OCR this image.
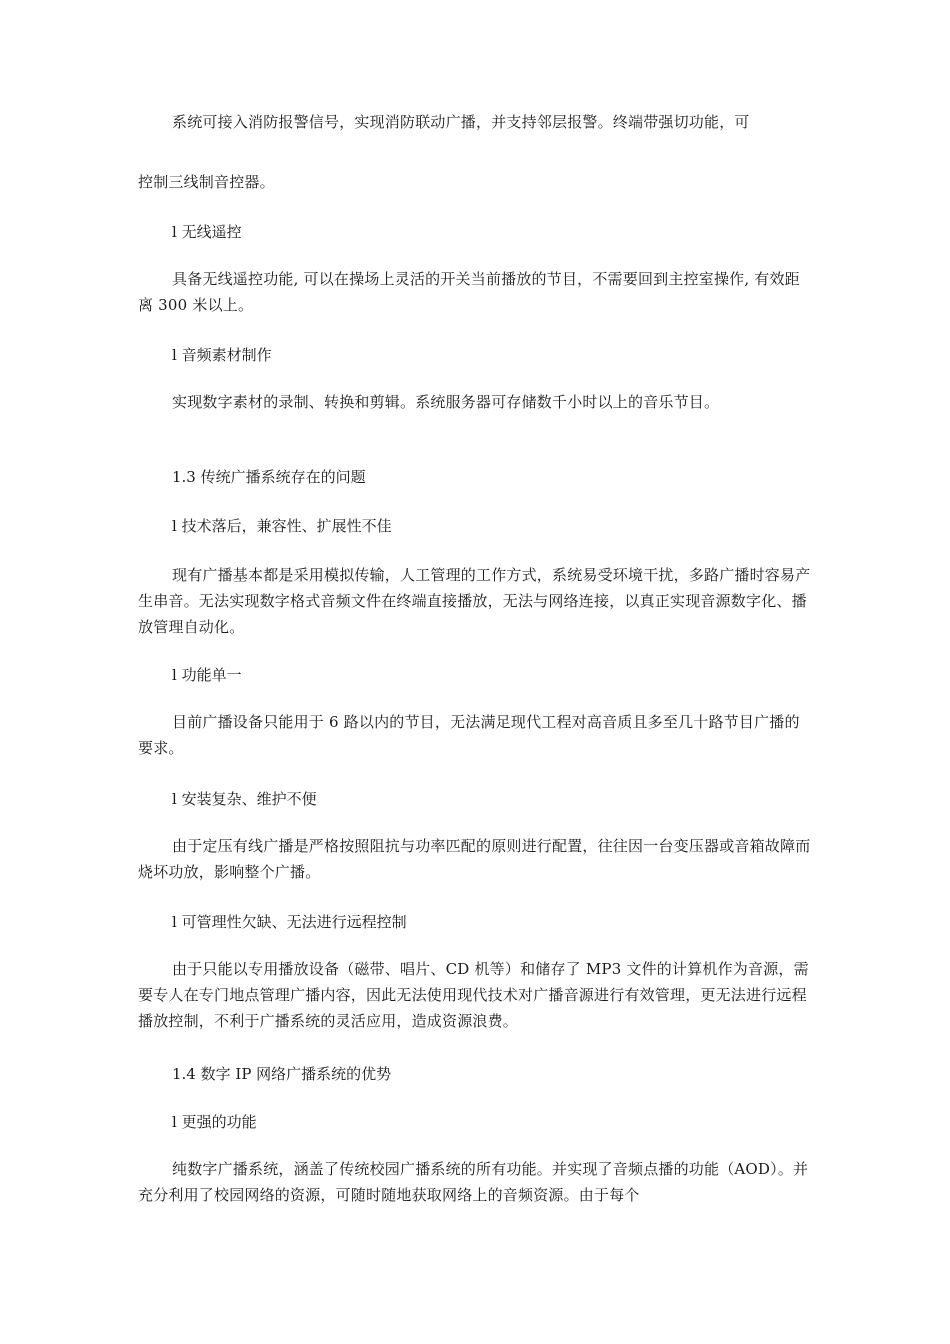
系统可接入消防报警信号，实现消防联动广播，并支持邻层报警。终端带强切功能，可

控制三线制音控器。

l 无线遥控

具备无线遥控功能, 可以在操场上灵活的开关当前播放的节目，不需要回到主控室操作, 有效距离 300 米以上。

l 音频素材制作

实现数字素材的录制、转换和剪辑。系统服务器可存储数千小时以上的音乐节目。

1.3 传统广播系统存在的问题

l 技术落后，兼容性、扩展性不佳

现有广播基本都是采用模拟传输，人工管理的工作方式，系统易受环境干扰，多路广播时容易产生串音。无法实现数字格式音频文件在终端直接播放，无法与网络连接，以真正实现音源数字化、播放管理自动化。

l 功能单一

目前广播设备只能用于 6 路以内的节目，无法满足现代工程对高音质且多至几十路节目广播的要求。

l 安装复杂、维护不便

由于定压有线广播是严格按照阻抗与功率匹配的原则进行配置，往往因一台变压器或音箱故障而烧坏功放，影响整个广播。

l 可管理性欠缺、无法进行远程控制

由于只能以专用播放设备（磁带、唱片、CD 机等）和储存了 MP3 文件的计算机作为音源，需要专人在专门地点管理广播内容，因此无法使用现代技术对广播音源进行有效管理，更无法进行远程播放控制，不利于广播系统的灵活应用，造成资源浪费。

1.4 数字 IP 网络广播系统的优势

l 更强的功能

纯数字广播系统，涵盖了传统校园广播系统的所有功能。并实现了音频点播的功能（AOD）。并充分利用了校园网络的资源，可随时随地获取网络上的音频资源。由于每个
